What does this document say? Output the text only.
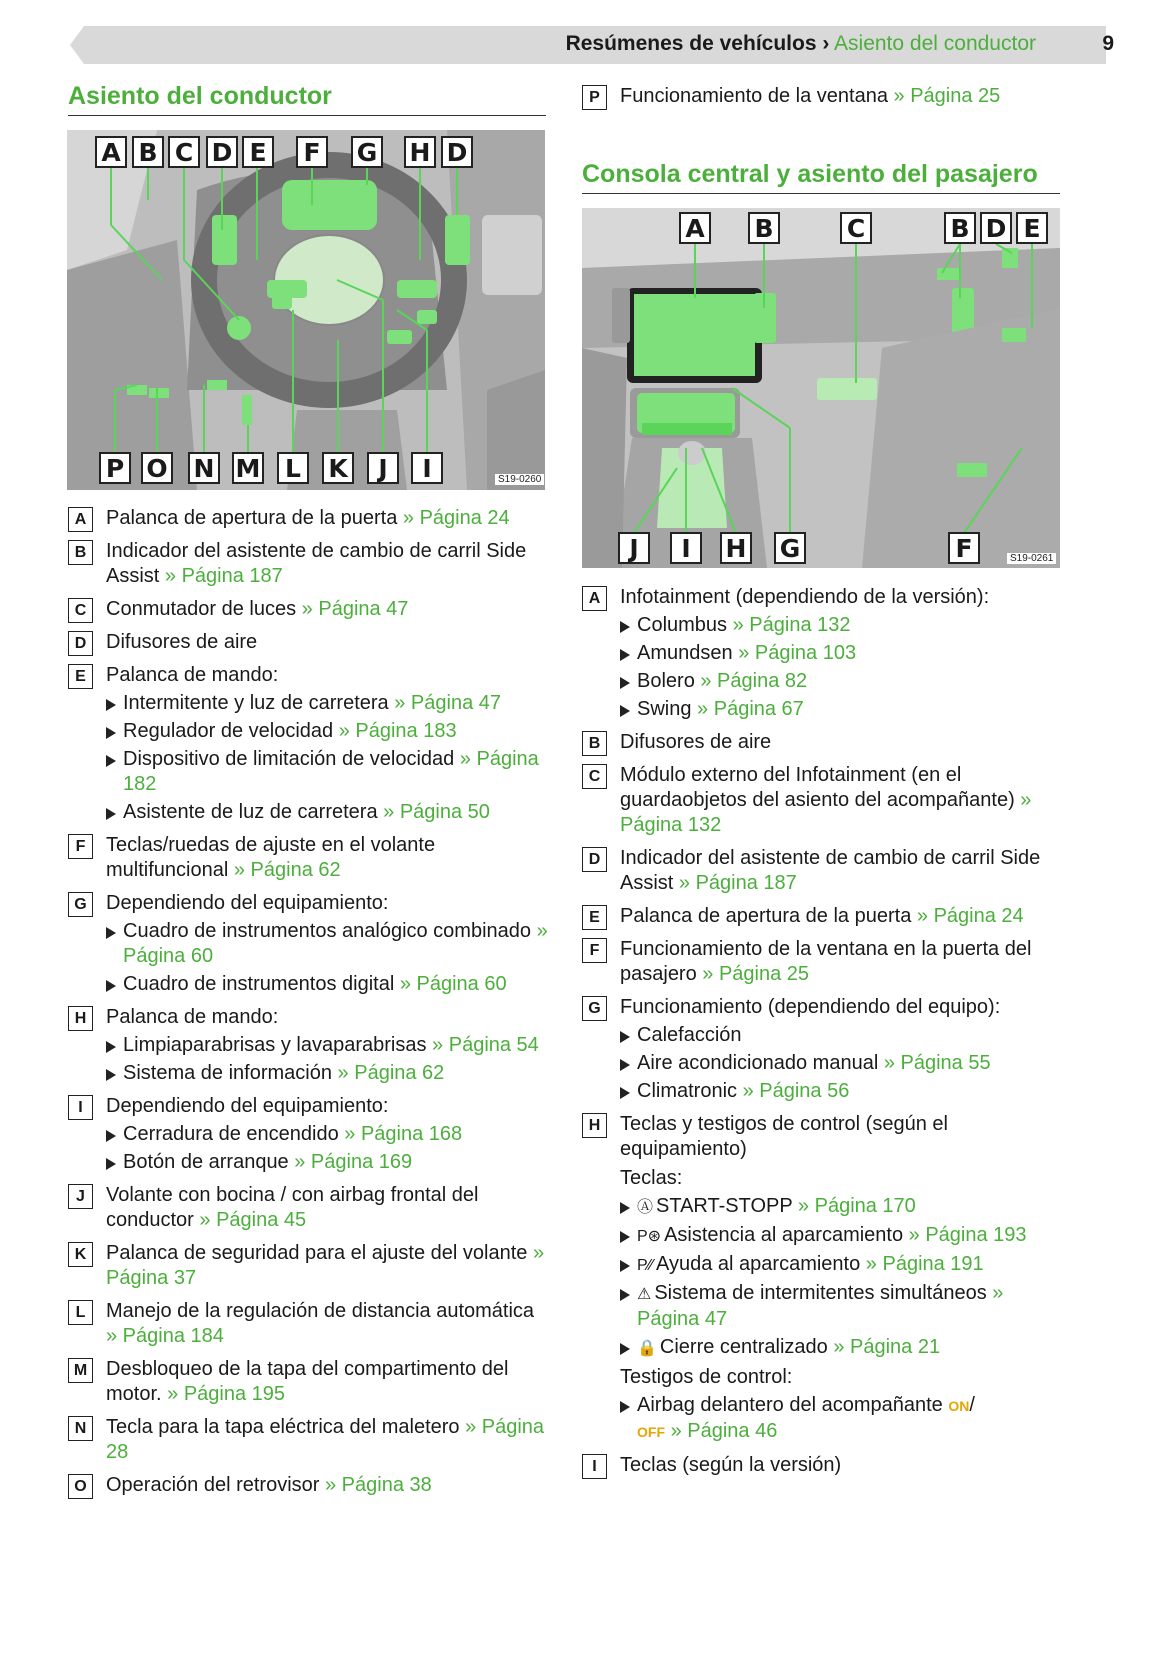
Resúmenes de vehículos › Asiento del conductor	9
Asiento del conductor
A B C D E F G H D
P O N M L	K	J	I	S19-0260
A Palanca de apertura de la puerta » Página 24
B Indicador del asistente de cambio de carril Side Assist » Página 187
C Conmutador de luces » Página 47
D Difusores de aire
E	Palanca de mando:
Intermitente y luz de carretera » Página 47
Regulador de velocidad » Página 183
Dispositivo de limitación de velocidad » Página 182
Asistente de luz de carretera » Página 50
F	Teclas/ruedas de ajuste en el volante multifuncional » Página 62
G Dependiendo del equipamiento:
Cuadro de instrumentos analógico combinado » Página 60
Cuadro de instrumentos digital » Página 60
H Palanca de mando:
Limpiaparabrisas y lavaparabrisas » Página 54
Sistema de información » Página 62
I	Dependiendo del equipamiento:
Cerradura de encendido » Página 168
Botón de arranque » Página 169
J	Volante con bocina / con airbag frontal del conductor » Página 45
K Palanca de seguridad para el ajuste del volante » Página 37
L	Manejo de la regulación de distancia automática » Página 184
M Desbloqueo de la tapa del compartimento del motor. » Página 195
N Tecla para la tapa eléctrica del maletero » Página 28
O Operación del retrovisor » Página 38
P	Funcionamiento de la ventana » Página 25
Consola central y asiento del pasajero
A B	C	B D E
J	I	H G	F	S19-0261
A Infotainment (dependiendo de la versión):
Columbus » Página 132
Amundsen » Página 103
Bolero » Página 82
Swing » Página 67
B Difusores de aire
C Módulo externo del Infotainment (en el guardaobjetos del asiento del acompañante) » Página 132
D Indicador del asistente de cambio de carril Side Assist » Página 187
E	Palanca de apertura de la puerta » Página 24
F	Funcionamiento de la ventana en la puerta del pasajero » Página 25
G Funcionamiento (dependiendo del equipo):
Calefacción
Aire acondicionado manual » Página 55
Climatronic » Página 56
H Teclas y testigos de control (según el equipamiento)
Teclas:
Ⓐ START-STOPP » Página 170
P⊛ Asistencia al aparcamiento » Página 193
P⁄⁄ Ayuda al aparcamiento » Página 191
⚠ Sistema de intermitentes simultáneos » Página 47
🔒 Cierre centralizado » Página 21
Testigos de control:
Airbag delantero del acompañante ON/
OFF » Página 46
I	Teclas (según la versión)
